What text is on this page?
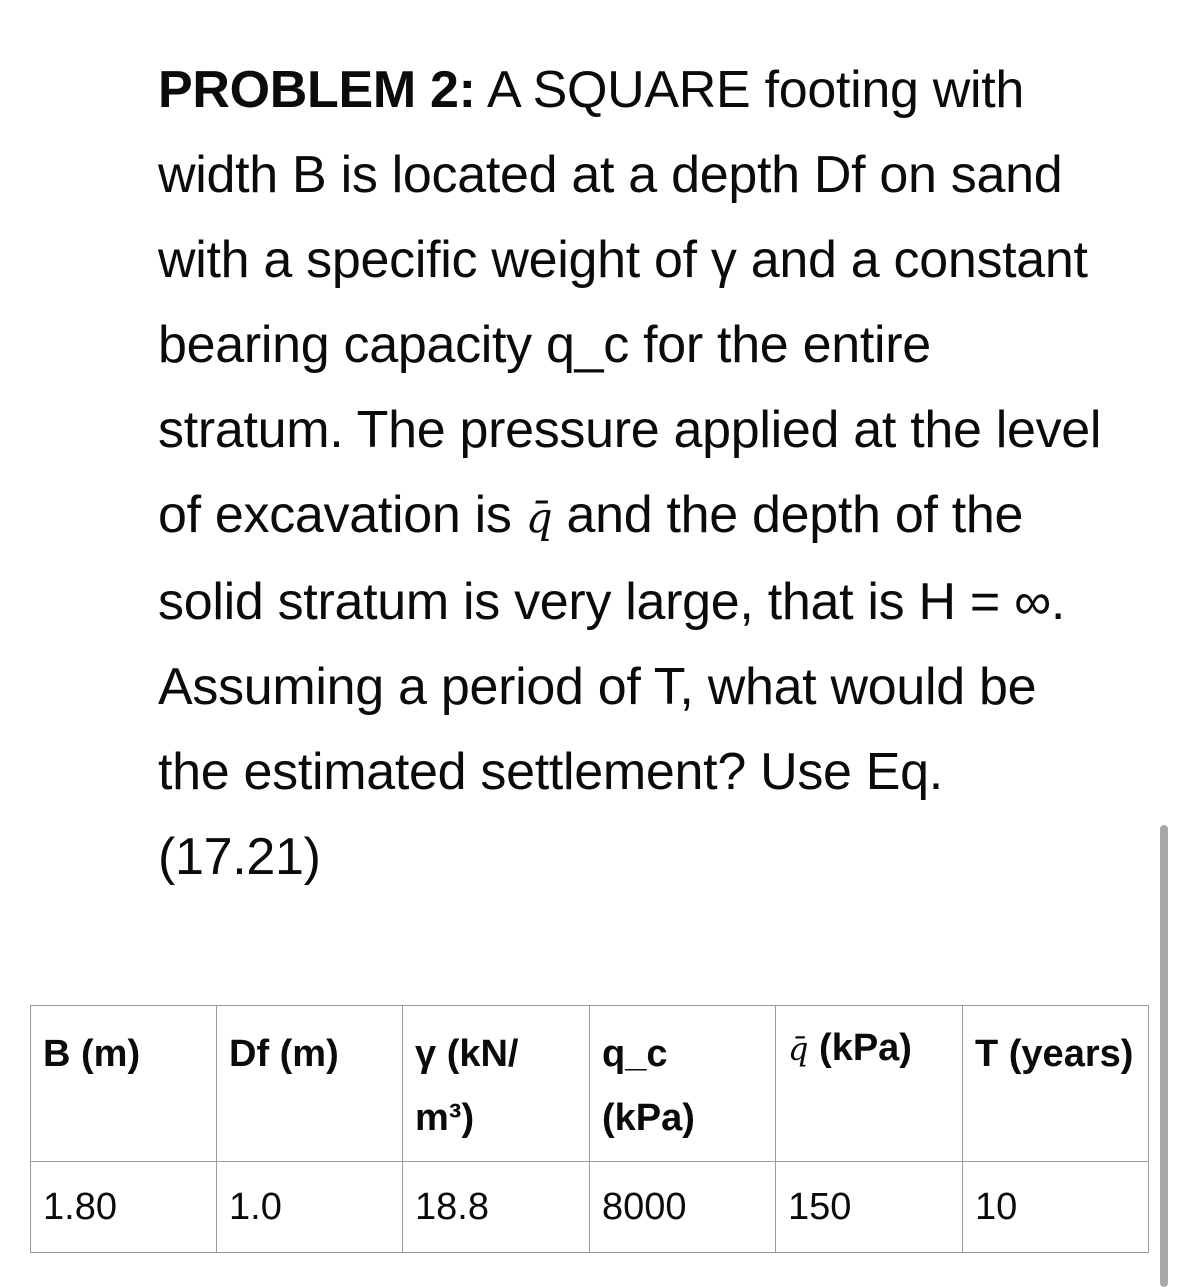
PROBLEM 2: A SQUARE footing with width B is located at a depth Df on sand with a specific weight of γ and a constant bearing capacity q_c for the entire stratum. The pressure applied at the level of excavation is q̄ and the depth of the solid stratum is very large, that is H = ∞. Assuming a period of T, what would be the estimated settlement? Use Eq. (17.21)
B (m)	Df (m)	γ (kN/ m³)	q_c (kPa)	q̄ (kPa)	T (years)
1.80	1.0	18.8	8000	150	10
